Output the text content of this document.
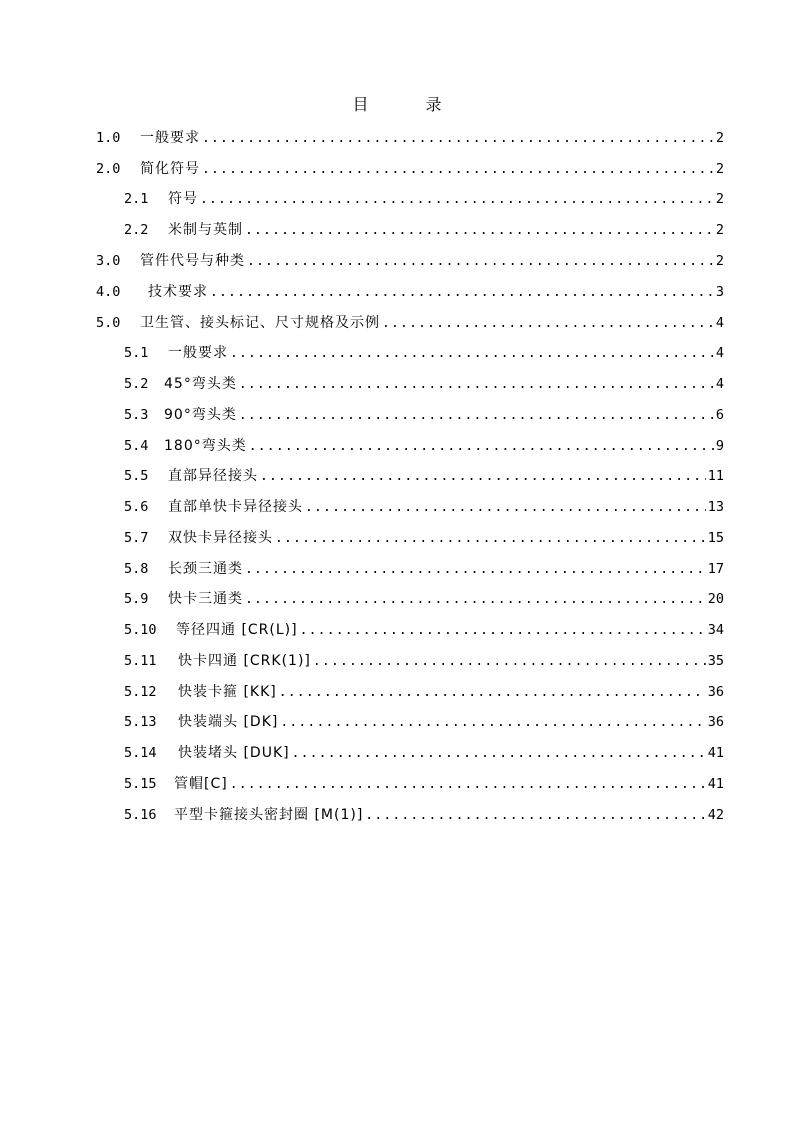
目 录
1.0	一般要求 .....	2
2.0	简化符号 .....	2
2.1	符号 .....	2
2.2	米制与英制 .....	2
3.0	管件代号与种类 .....	2
4.0	技术要求 .....	3
5.0	卫生管、接头标记、尺寸规格及示例 .....	4
5.1	一般要求 .....	4
5.2	45°弯头类 .....	4
5.3	90°弯头类 .....	6
5.4	180°弯头类 .....	9
5.5	直部异径接头 .....	11
5.6	直部单快卡异径接头 .....	13
5.7	双快卡异径接头 .....	15
5.8	长颈三通类 .....	17
5.9	快卡三通类 .....	20
5.10	等径四通 [CR(L)] .....	34
5.11	快卡四通 [CRK(1)] .....	35
5.12	快装卡箍 [KK] .....	36
5.13	快装端头 [DK] .....	36
5.14	快装堵头 [DUK] .....	41
5.15	管帽[C] .....	41
5.16	平型卡箍接头密封圈 [M(1)] .....	42
